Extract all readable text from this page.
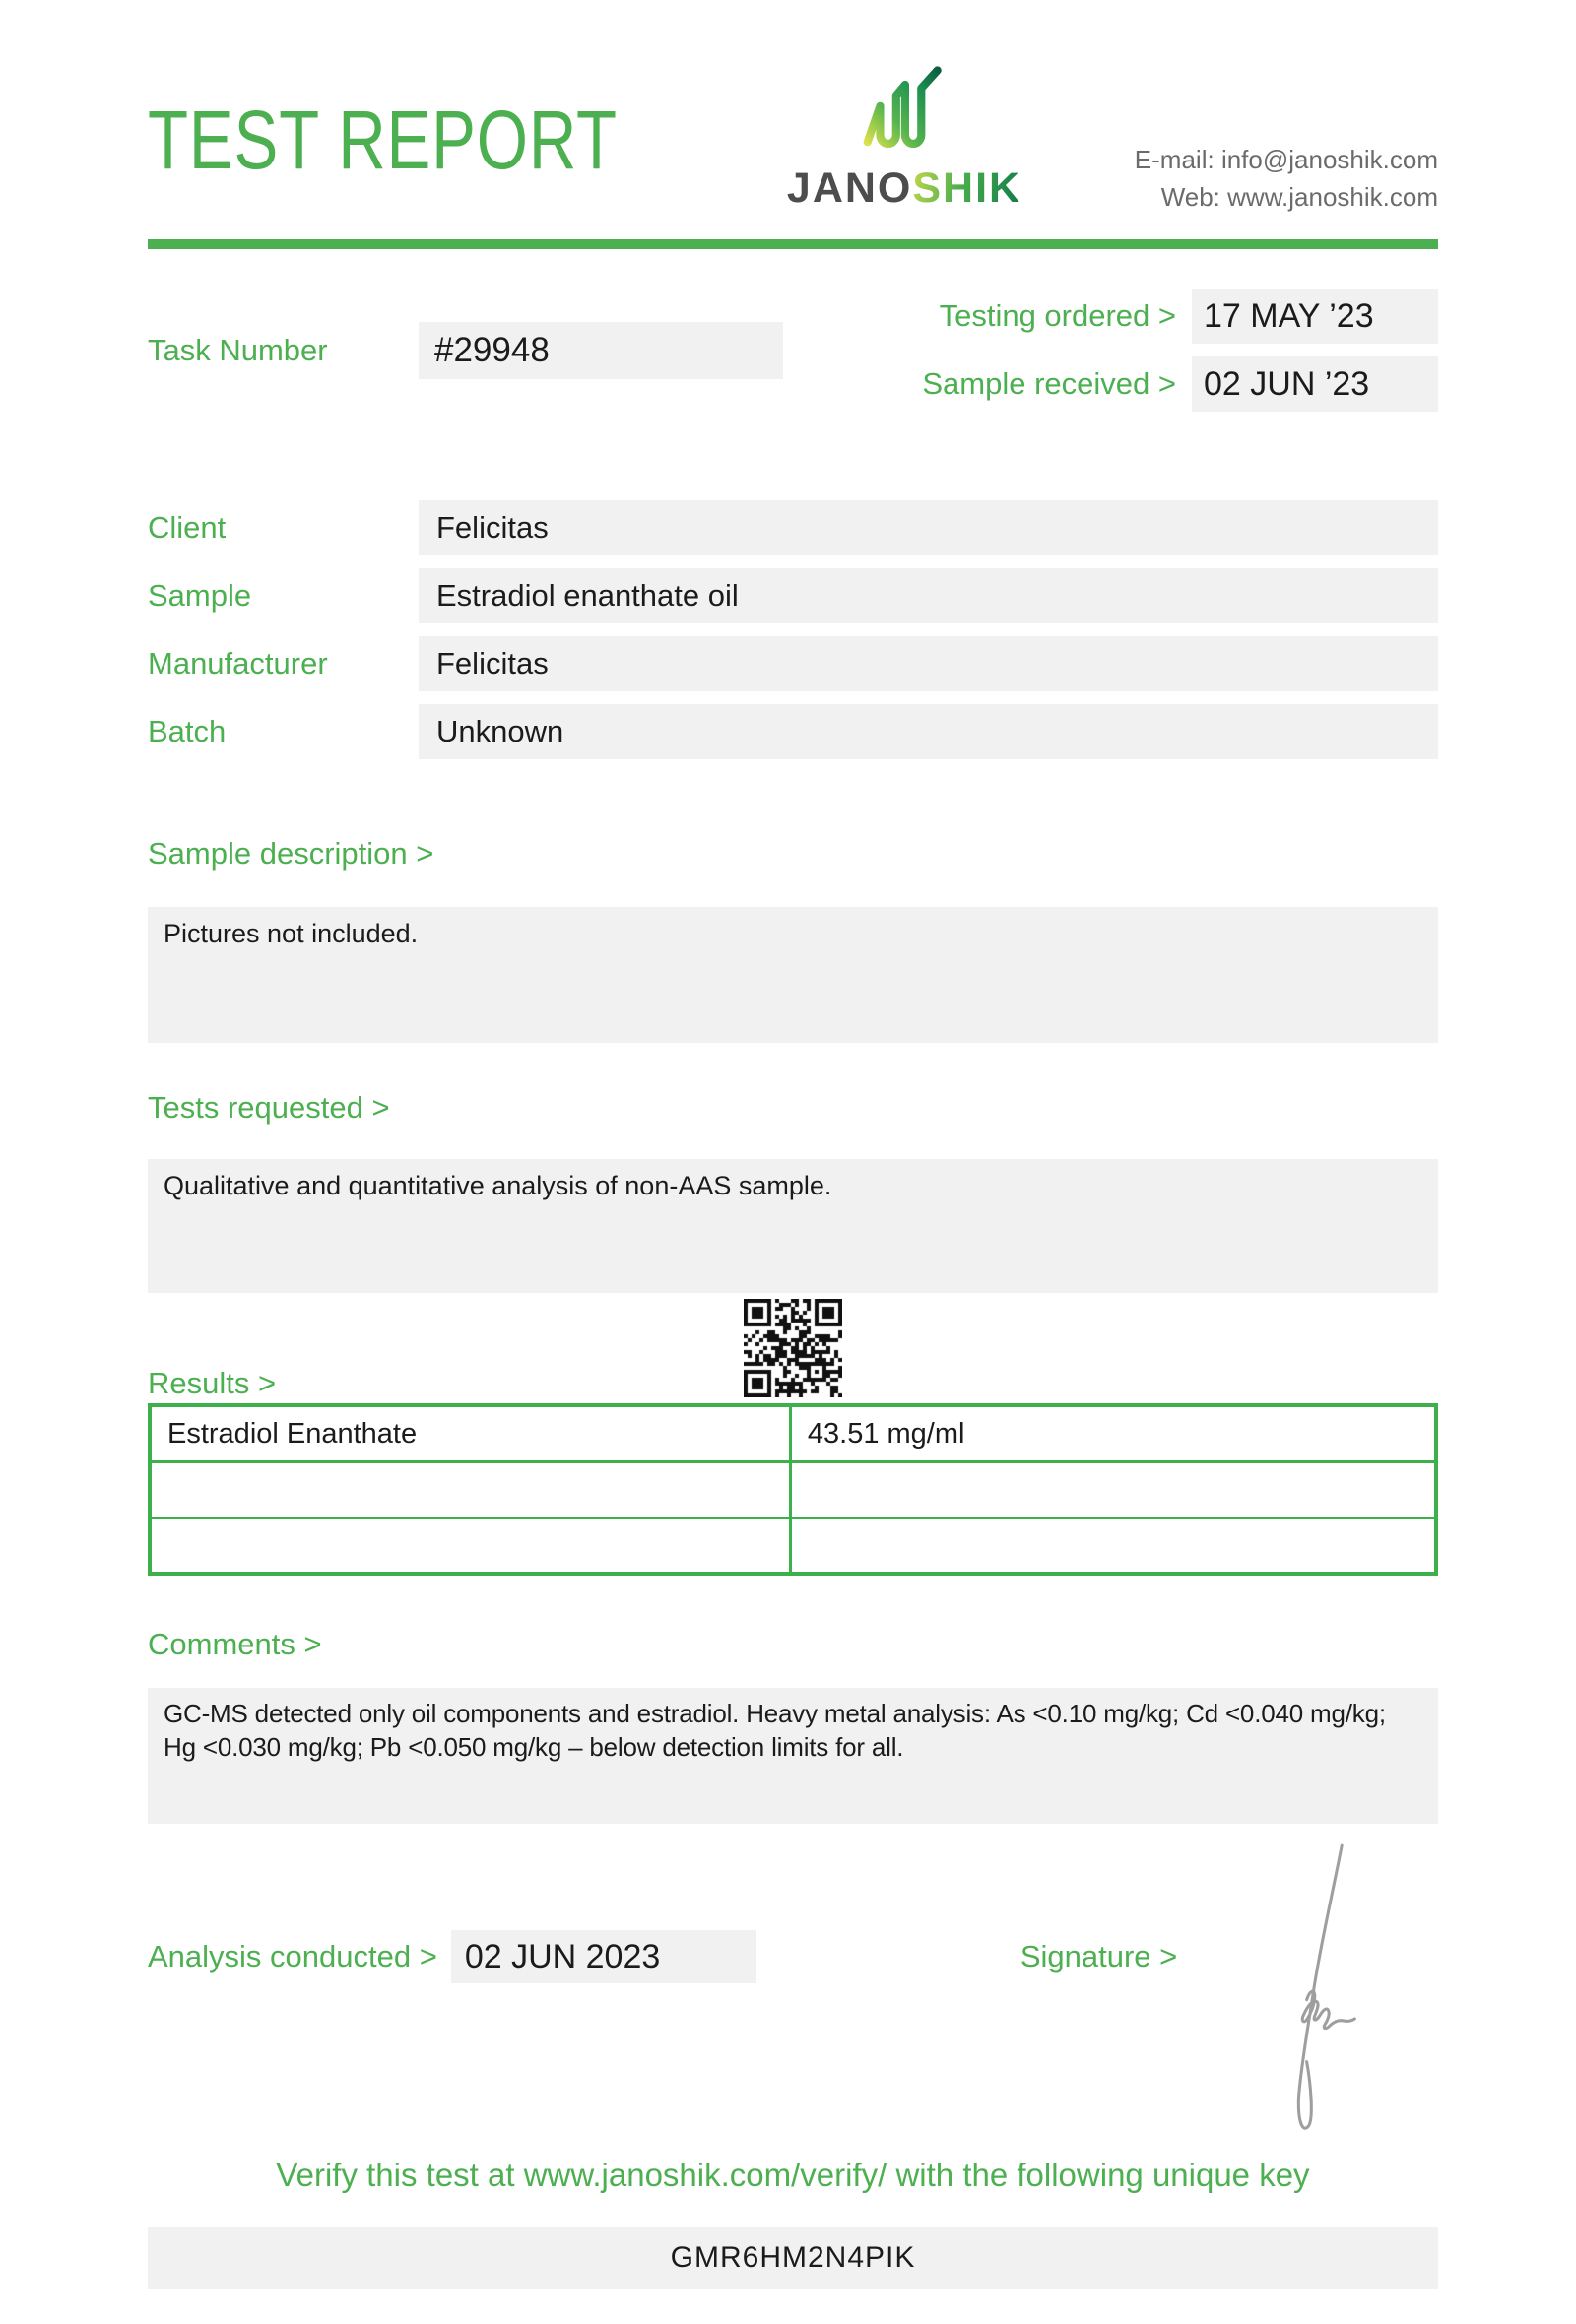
TEST REPORT
JANOSHIK
E-mail: info@janoshik.com
Web: www.janoshik.com
Task Number	#29948
Testing ordered > 17 MAY ’23
Sample received > 02 JUN ’23
Client	Felicitas
Sample	Estradiol enanthate oil
Manufacturer	Felicitas
Batch	Unknown
Sample description >
Pictures not included.
Tests requested >
Qualitative and quantitative analysis of non-AAS sample.
Results >
Estradiol Enanthate	43.51 mg/ml

Comments >
GC-MS detected only oil components and estradiol. Heavy metal analysis: As <0.10 mg/kg; Cd <0.040 mg/kg; Hg <0.030 mg/kg; Pb <0.050 mg/kg – below detection limits for all.
Analysis conducted > 02 JUN 2023	Signature >
Verify this test at www.janoshik.com/verify/ with the following unique key
GMR6HM2N4PIK
